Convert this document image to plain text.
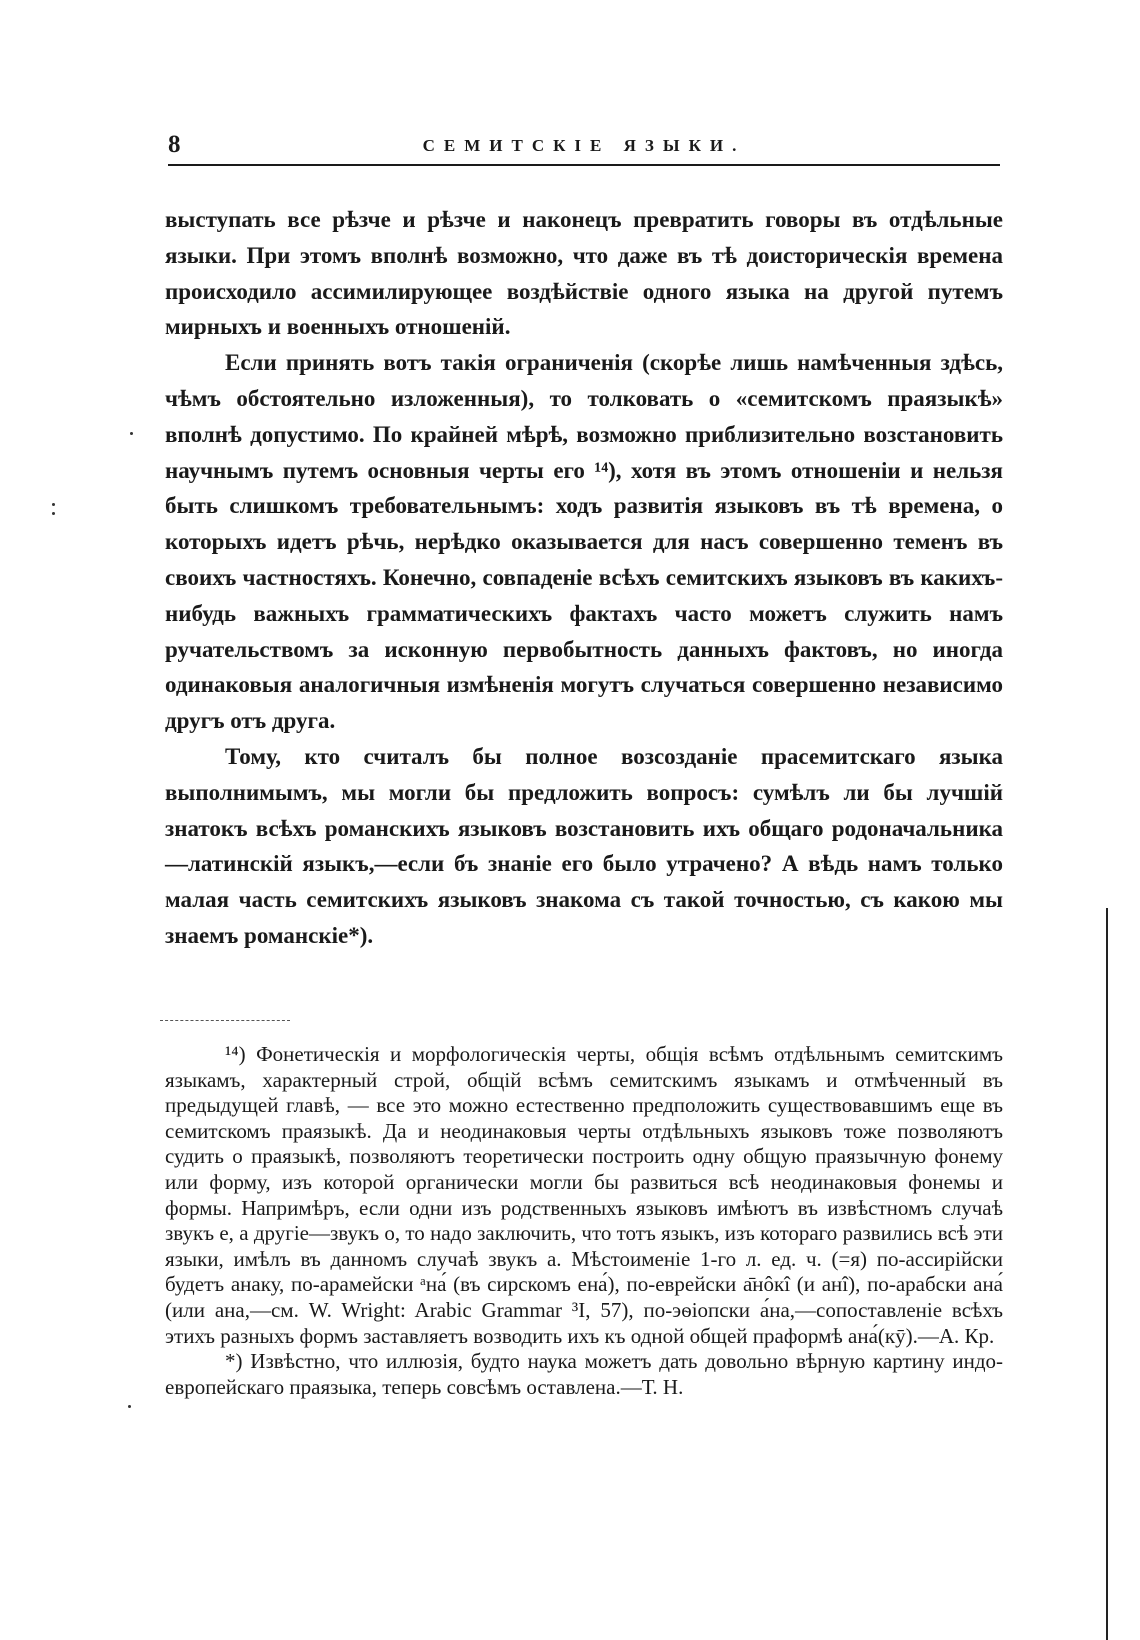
8	СЕМИТСКІЕ ЯЗЫКИ.

выступать все рѣзче и рѣзче и наконецъ превратить говоры въ отдѣльные языки. При этомъ вполнѣ возможно, что даже въ тѣ доисторическія времена происходило ассимилирующее воздѣйствіе одного языка на другой путемъ мирныхъ и военныхъ отношеній.

Если принять вотъ такія ограниченія (скорѣе лишь намѣченныя здѣсь, чѣмъ обстоятельно изложенныя), то толковать о «семитскомъ праязыкѣ» вполнѣ допустимо. По крайней мѣрѣ, возможно приблизительно возстановить научнымъ путемъ основныя черты его ¹⁴), хотя въ этомъ отношеніи и нельзя быть слишкомъ требовательнымъ: ходъ развитія языковъ въ тѣ времена, о которыхъ идетъ рѣчь, нерѣдко оказывается для насъ совершенно теменъ въ своихъ частностяхъ. Конечно, совпаденіе всѣхъ семитскихъ языковъ въ какихъ-нибудь важныхъ грамматическихъ фактахъ часто можетъ служить намъ ручательствомъ за исконную первобытность данныхъ фактовъ, но иногда одинаковыя аналогичныя измѣненія могутъ случаться совершенно независимо другъ отъ друга.

Тому, кто считалъ бы полное возсозданіе прасемитскаго языка выполнимымъ, мы могли бы предложить вопросъ: сумѣлъ ли бы лучшій знатокъ всѣхъ романскихъ языковъ возстановить ихъ общаго родоначальника—латинскій языкъ,—если бъ знаніе его было утрачено? А вѣдь намъ только малая часть семитскихъ языковъ знакома съ такой точностью, съ какою мы знаемъ романскіе*).

¹⁴) Фонетическія и морфологическія черты, общія всѣмъ отдѣльнымъ семитскимъ языкамъ, характерный строй, общій всѣмъ семитскимъ языкамъ и отмѣченный въ предыдущей главѣ, — все это можно естественно предположить существовавшимъ еще въ семитскомъ праязыкѣ. Да и неодинаковыя черты отдѣльныхъ языковъ тоже позволяютъ судить о праязыкѣ, позволяютъ теоретически построить одну общую праязычную фонему или форму, изъ которой органически могли бы развиться всѣ неодинаковыя фонемы и формы. Напримѣръ, если одни изъ родственныхъ языковъ имѣютъ въ извѣстномъ случаѣ звукъ е, а другіе—звукъ о, то надо заключить, что тотъ языкъ, изъ котораго развились всѣ эти языки, имѣлъ въ данномъ случаѣ звукъ а. Мѣстоименіе 1-го л. ед. ч. (=я) по-ассирійски будетъ анаку, по-арамейски ᵃна́ (въ сирскомъ ена́), по-еврейски а̄нôкî (и анî), по-арабски ана́ (или ана,—см. W. Wright: Arabic Grammar ³I, 57), по-эѳіопски а́на,—сопоставленіе всѣхъ этихъ разныхъ формъ заставляетъ возводить ихъ къ одной общей праформѣ ана́(кӯ).—А. Кр.

*) Извѣстно, что иллюзія, будто наука можетъ дать довольно вѣрную картину индо-европейскаго праязыка, теперь совсѣмъ оставлена.—Т. Н.
